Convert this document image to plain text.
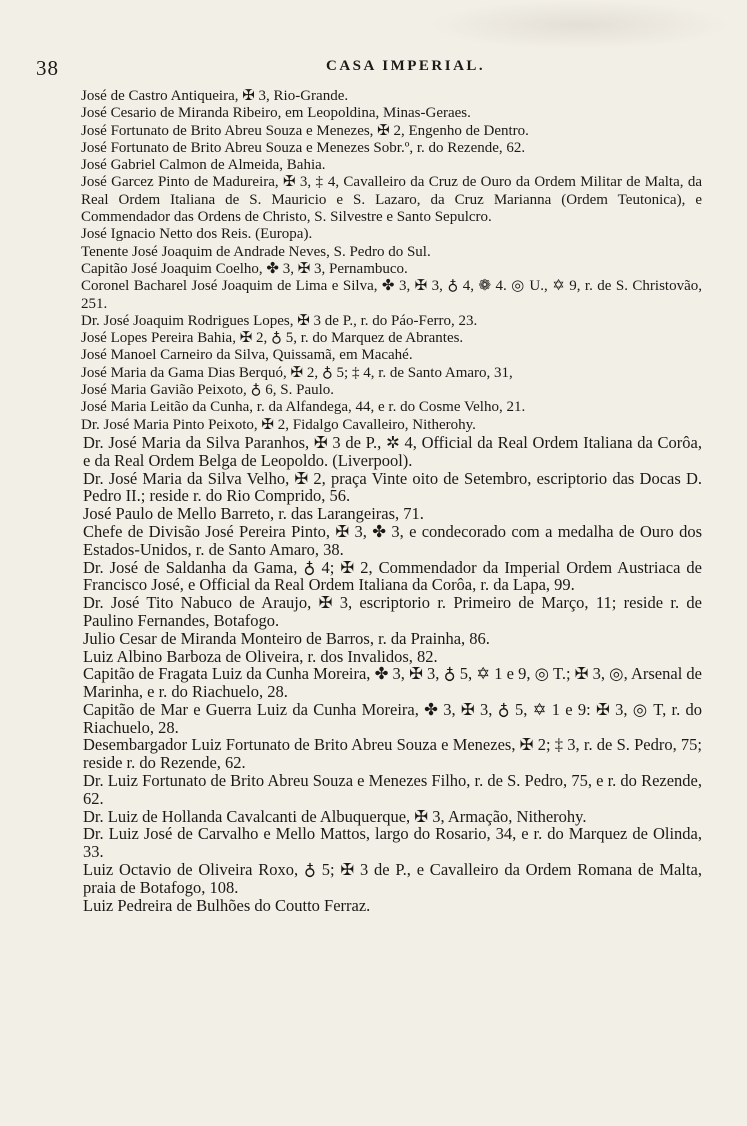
38	CASA IMPERIAL.

José de Castro Antiqueira, ✠ 3, Rio-Grande.

José Cesario de Miranda Ribeiro, em Leopoldina, Minas-Geraes.

José Fortunato de Brito Abreu Souza e Menezes, ✠ 2, Engenho de Dentro.

José Fortunato de Brito Abreu Souza e Menezes Sobr.º, r. do Rezende, 62.

José Gabriel Calmon de Almeida, Bahia.

José Garcez Pinto de Madureira, ✠ 3, ‡ 4, Cavalleiro da Cruz de Ouro da Ordem Militar de Malta, da Real Ordem Italiana de S. Mauricio e S. Lazaro, da Cruz Marianna (Ordem Teutonica), e Commendador das Ordens de Christo, S. Silvestre e Santo Sepulcro.

José Ignacio Netto dos Reis. (Europa).

Tenente José Joaquim de Andrade Neves, S. Pedro do Sul.

Capitão José Joaquim Coelho, ✤ 3, ✠ 3, Pernambuco.

Coronel Bacharel José Joaquim de Lima e Silva, ✤ 3, ✠ 3, ♁ 4, ❁ 4. ◎ U., ✡ 9, r. de S. Christovão, 251.

Dr. José Joaquim Rodrigues Lopes, ✠ 3 de P., r. do Páo-Ferro, 23.

José Lopes Pereira Bahia, ✠ 2, ♁ 5, r. do Marquez de Abrantes.

José Manoel Carneiro da Silva, Quissamã, em Macahé.

José Maria da Gama Dias Berquó, ✠ 2, ♁ 5; ‡ 4, r. de Santo Amaro, 31,

José Maria Gavião Peixoto, ♁ 6, S. Paulo.

José Maria Leitão da Cunha, r. da Alfandega, 44, e r. do Cosme Velho, 21.

Dr. José Maria Pinto Peixoto, ✠ 2, Fidalgo Cavalleiro, Nitherohy.

Dr. José Maria da Silva Paranhos, ✠ 3 de P., ✲ 4, Official da Real Ordem Italiana da Corôa, e da Real Ordem Belga de Leopoldo. (Liverpool).

Dr. José Maria da Silva Velho, ✠ 2, praça Vinte oito de Setembro, escriptorio das Docas D. Pedro II.; reside r. do Rio Comprido, 56.

José Paulo de Mello Barreto, r. das Larangeiras, 71.

Chefe de Divisão José Pereira Pinto, ✠ 3, ✤ 3, e condecorado com a medalha de Ouro dos Estados-Unidos, r. de Santo Amaro, 38.

Dr. José de Saldanha da Gama, ♁ 4; ✠ 2, Commendador da Imperial Ordem Austriaca de Francisco José, e Official da Real Ordem Italiana da Corôa, r. da Lapa, 99.

Dr. José Tito Nabuco de Araujo, ✠ 3, escriptorio r. Primeiro de Março, 11; reside r. de Paulino Fernandes, Botafogo.

Julio Cesar de Miranda Monteiro de Barros, r. da Prainha, 86.

Luiz Albino Barboza de Oliveira, r. dos Invalidos, 82.

Capitão de Fragata Luiz da Cunha Moreira, ✤ 3, ✠ 3, ♁ 5, ✡ 1 e 9, ◎ T.; ✠ 3, ◎, Arsenal de Marinha, e r. do Riachuelo, 28.

Capitão de Mar e Guerra Luiz da Cunha Moreira, ✤ 3, ✠ 3, ♁ 5, ✡ 1 e 9: ✠ 3, ◎ T, r. do Riachuelo, 28.

Desembargador Luiz Fortunato de Brito Abreu Souza e Menezes, ✠ 2; ‡ 3, r. de S. Pedro, 75; reside r. do Rezende, 62.

Dr. Luiz Fortunato de Brito Abreu Souza e Menezes Filho, r. de S. Pedro, 75, e r. do Rezende, 62.

Dr. Luiz de Hollanda Cavalcanti de Albuquerque, ✠ 3, Armação, Nitherohy.

Dr. Luiz José de Carvalho e Mello Mattos, largo do Rosario, 34, e r. do Marquez de Olinda, 33.

Luiz Octavio de Oliveira Roxo, ♁ 5; ✠ 3 de P., e Cavalleiro da Ordem Romana de Malta, praia de Botafogo, 108.

Luiz Pedreira de Bulhões do Coutto Ferraz.
